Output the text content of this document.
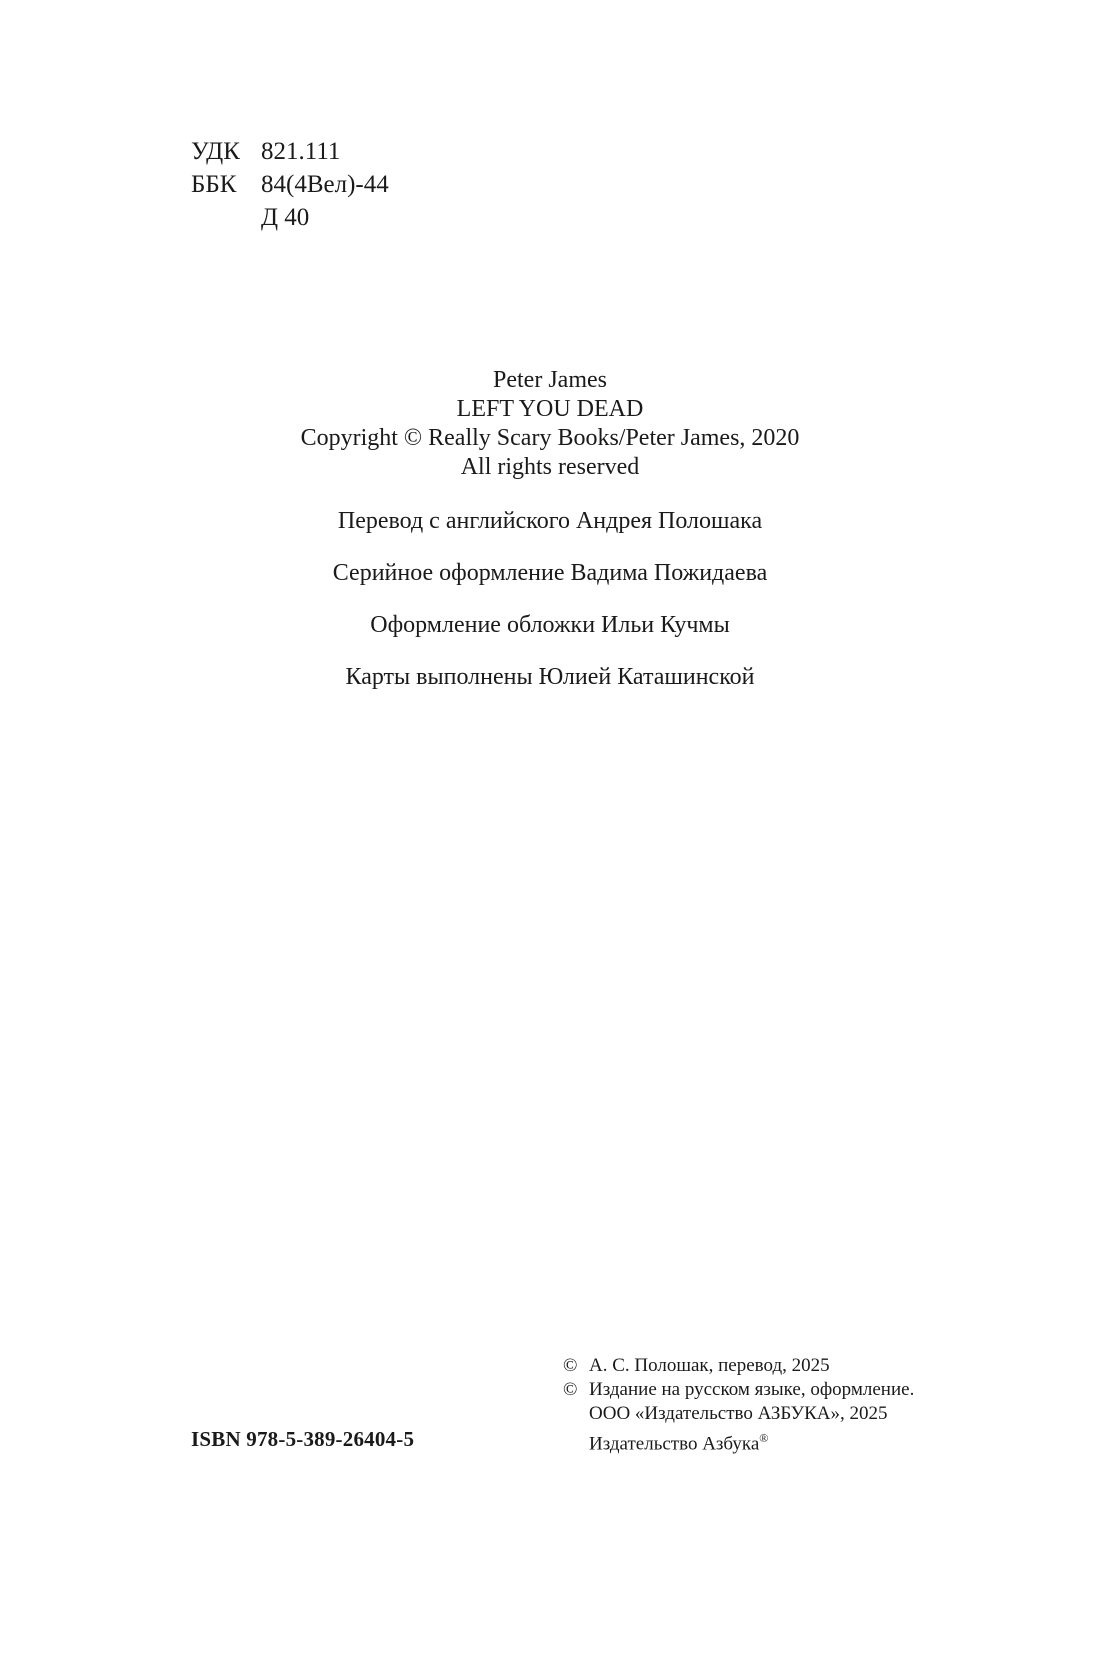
УДК 821.111
ББК 84(4Вел)-44
Д 40
Peter James
LEFT YOU DEAD
Copyright © Really Scary Books/Peter James, 2020
All rights reserved
Перевод с английского Андрея Полошака
Серийное оформление Вадима Пожидаева
Оформление обложки Ильи Кучмы
Карты выполнены Юлией Каташинской
ISBN 978-5-389-26404-5
© А. С. Полошак, перевод, 2025
© Издание на русском языке, оформление.
ООО «Издательство АЗБУКА», 2025
Издательство Азбука®
